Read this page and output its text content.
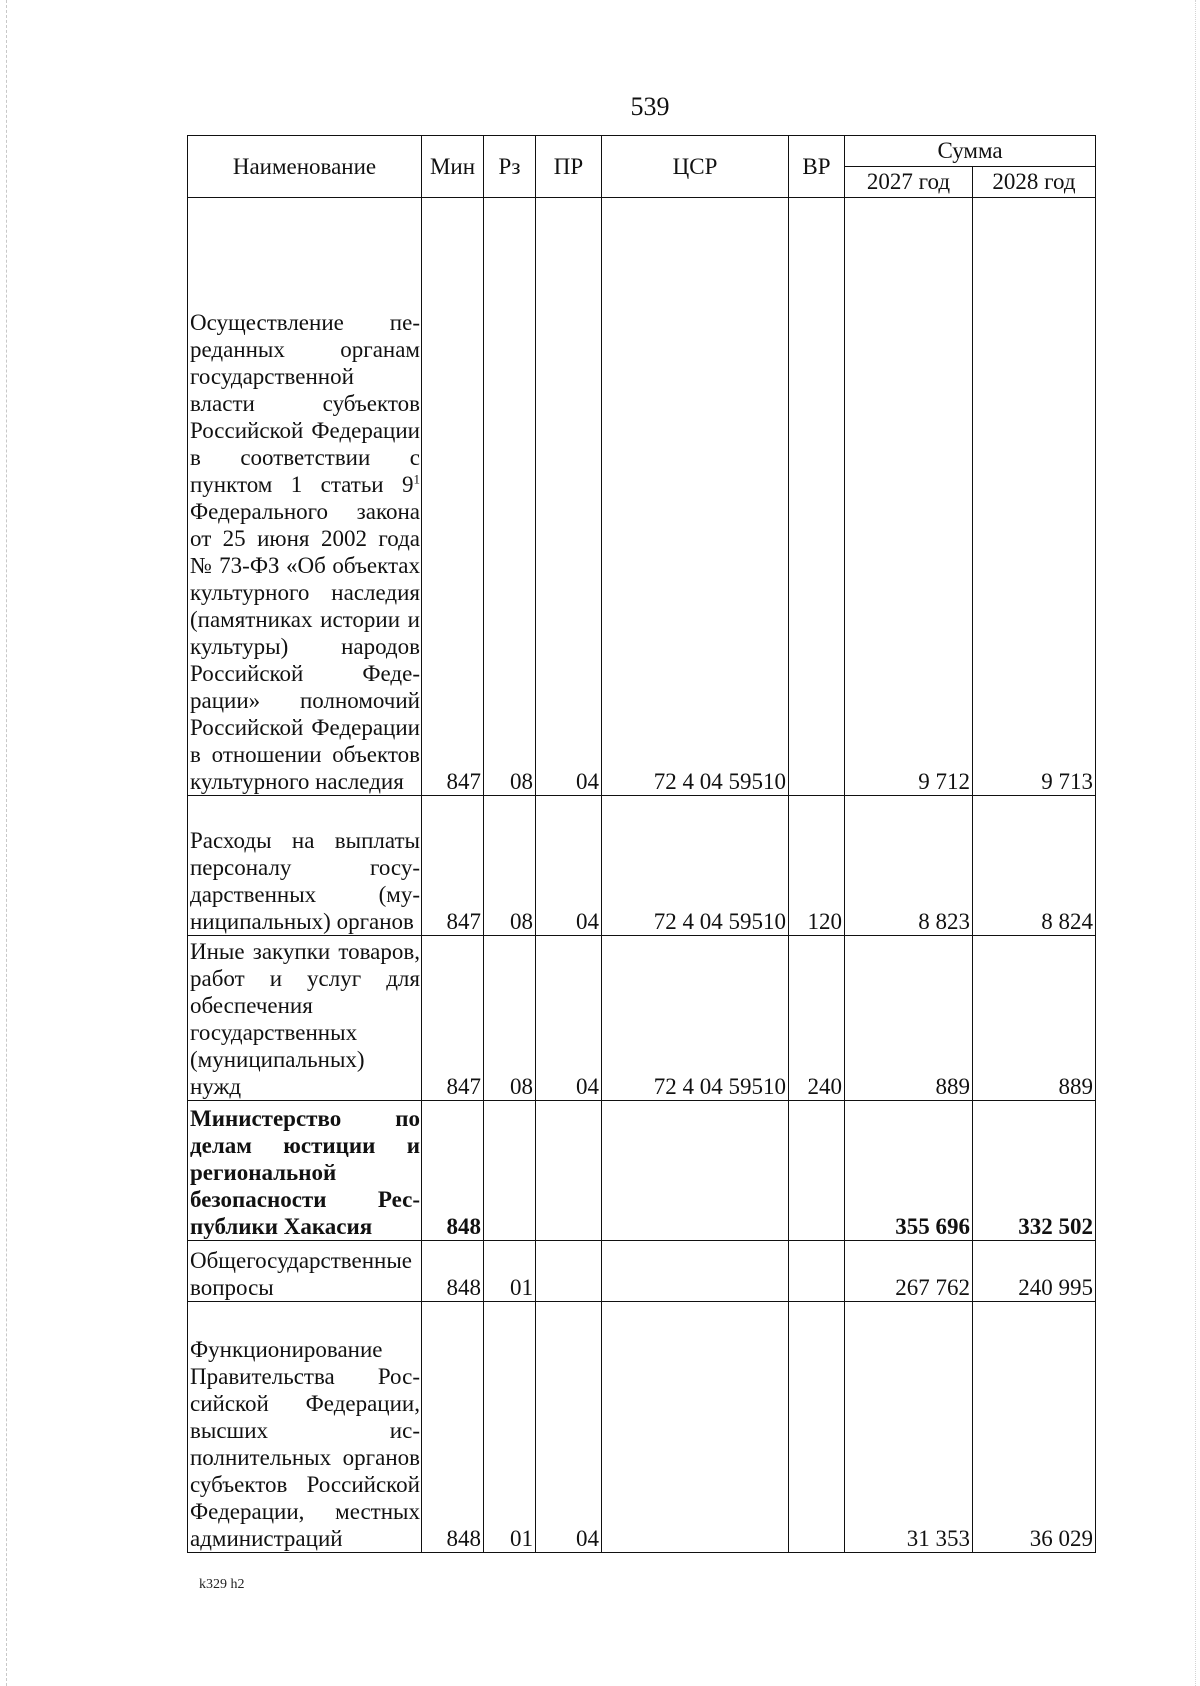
539
Наименование	Мин	Рз	ПР	ЦСР	ВР	Сумма	
						2027 год	2028 год
Осуществление переданных органам государственной власти субъектов Российской Федерации в соответствии с пунктом 1 статьи $9^1$ Федерального закона от 25 июня 2002 года № 73-ФЗ «Об объектах культурного наследия (памятниках истории и культуры) народов Российской Федерации» полномочий Российской Федерации в отношении объектов культурного наследия	847	08	04	72 4 04 59510		9 712	9 713
Расходы на выплаты персоналу государственных (муниципальных) органов	847	08	04	72 4 04 59510	120	8 823	8 824
Иные закупки товаров, работ и услуг для обеспечения государственных (муниципальных) нужд	847	08	04	72 4 04 59510	240	889	889
Министерство по делам юстиции и региональной безопасности Республики Хакасия	848					355 696	332 502
Общегосударственные вопросы	848	01				267 762	240 995
Функционирование Правительства Российской Федерации, высших исполнительных органов субъектов Российской Федерации, местных администраций	848	01	04			31 353	36 029
k329 h2
